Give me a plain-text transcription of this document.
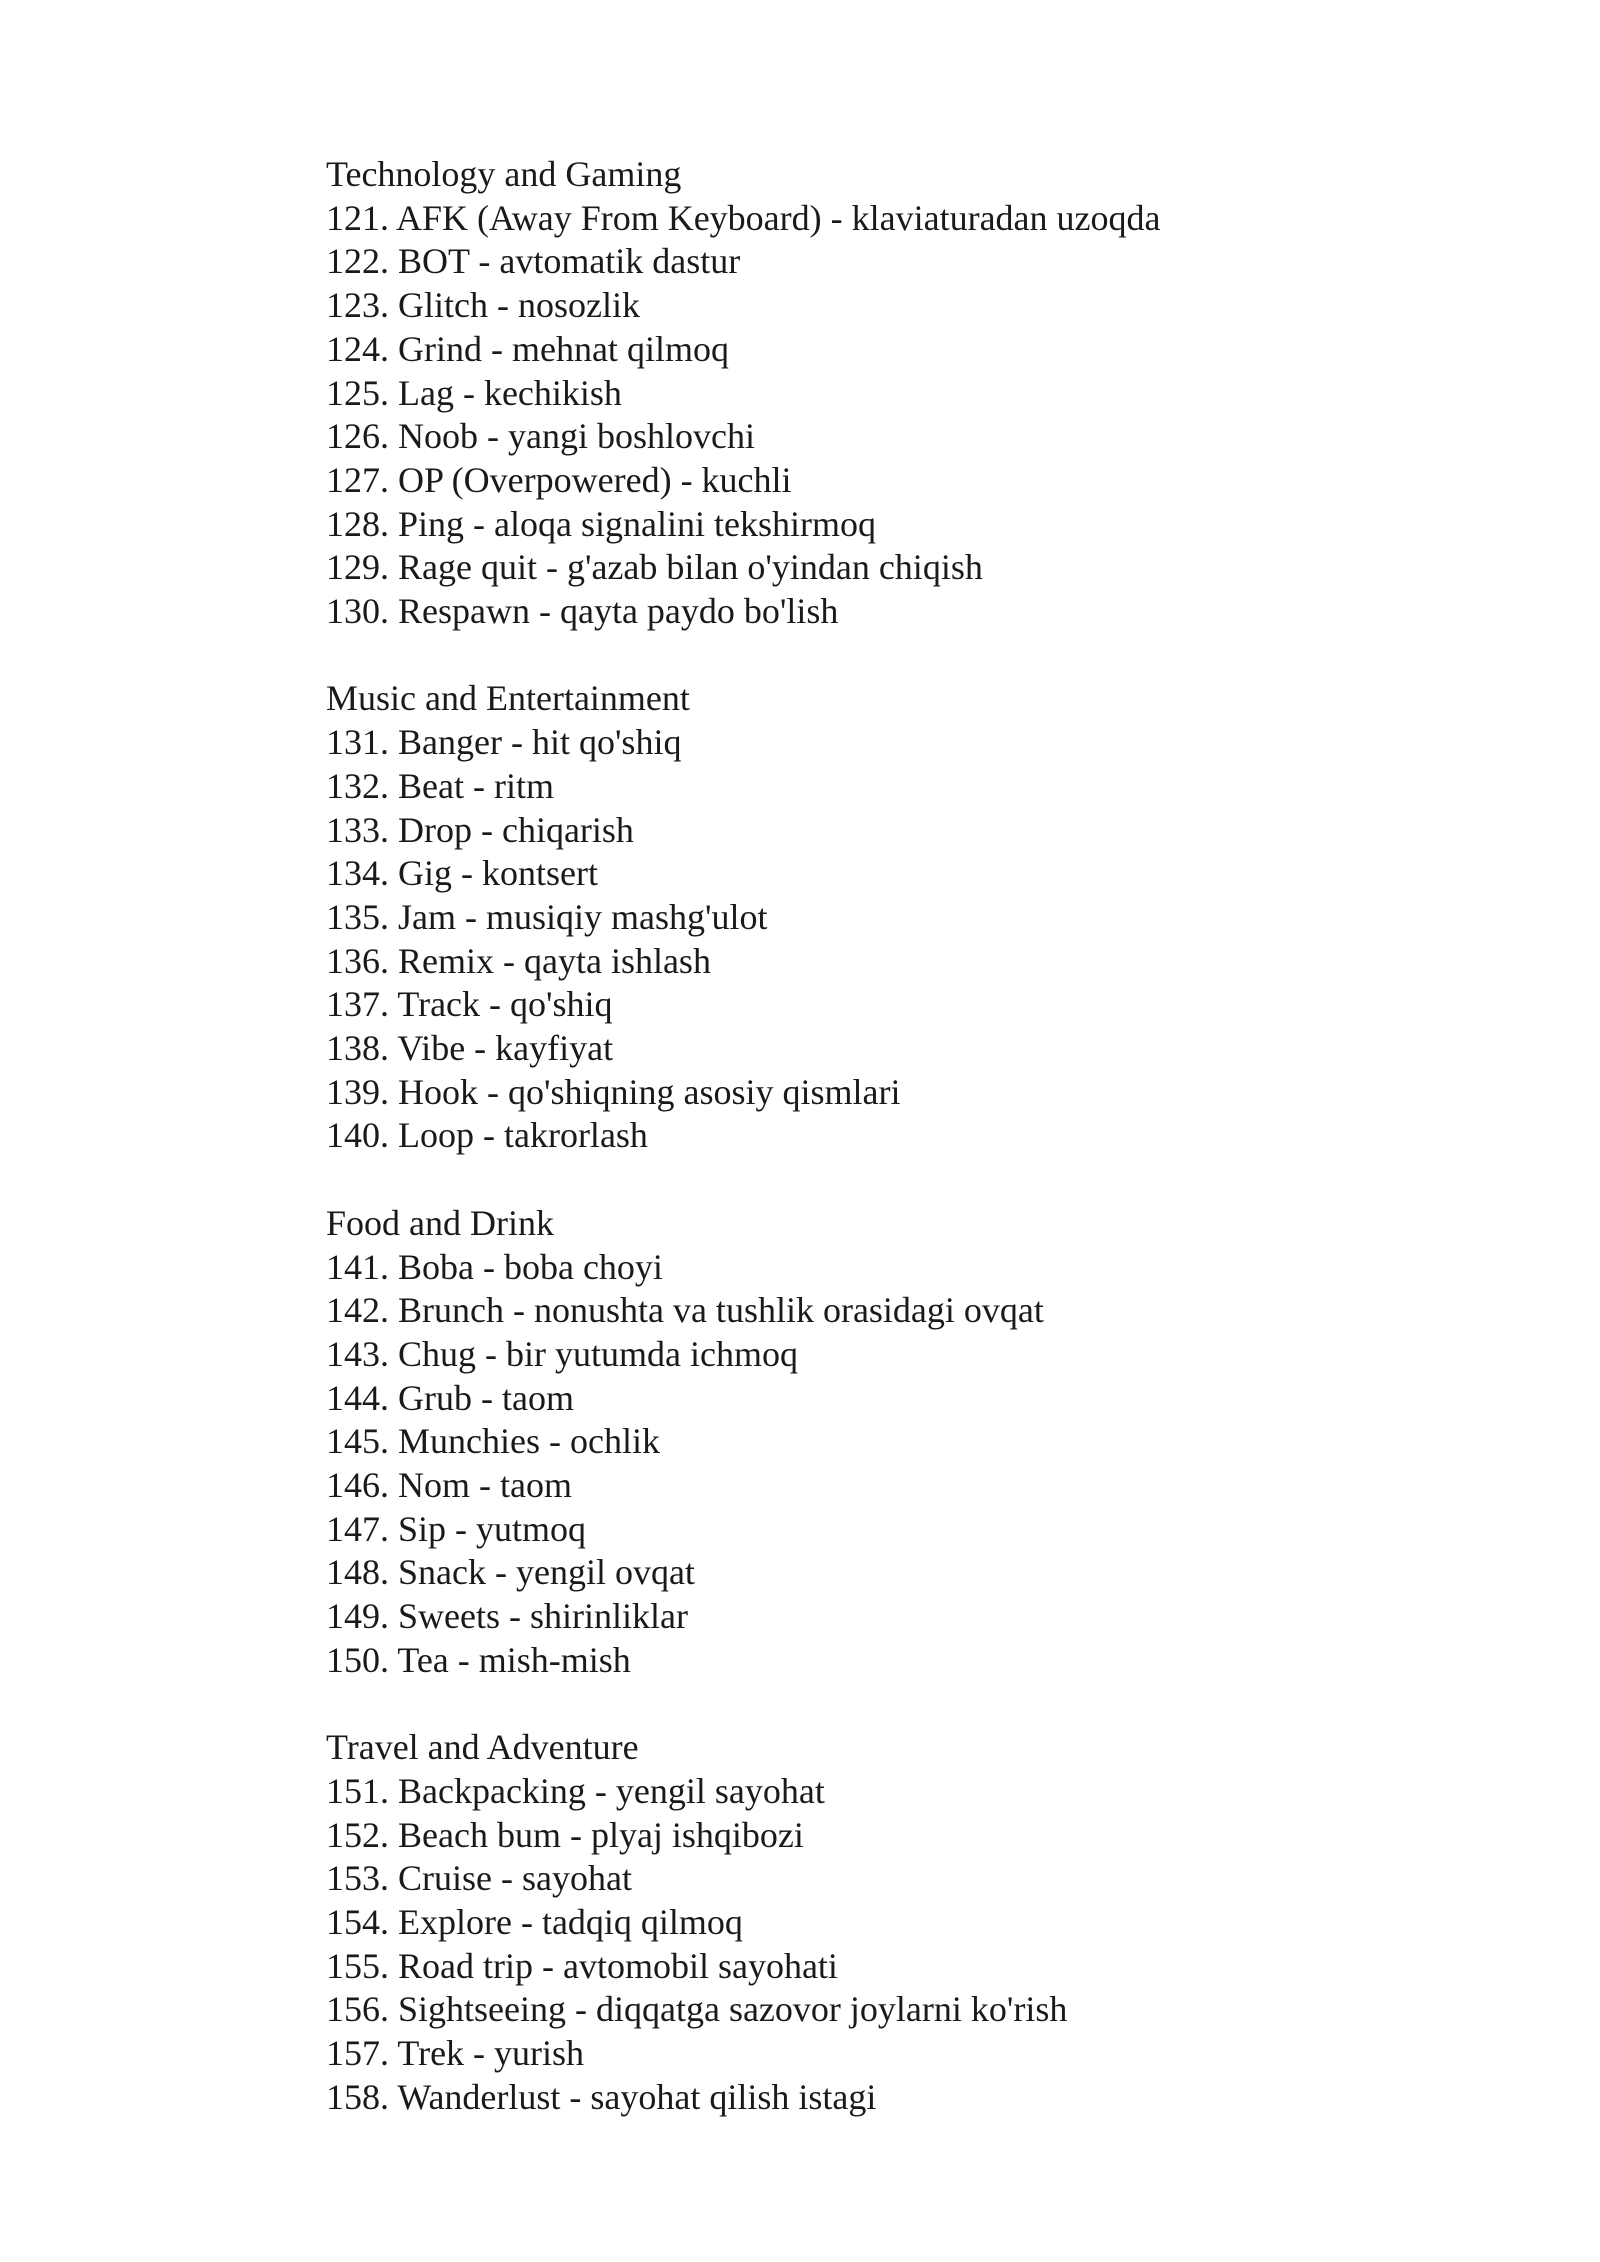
Technology and Gaming
121. AFK (Away From Keyboard) - klaviaturadan uzoqda
122. BOT - avtomatik dastur
123. Glitch - nosozlik
124. Grind - mehnat qilmoq
125. Lag - kechikish
126. Noob - yangi boshlovchi
127. OP (Overpowered) - kuchli
128. Ping - aloqa signalini tekshirmoq
129. Rage quit - g'azab bilan o'yindan chiqish
130. Respawn - qayta paydo bo'lish
Music and Entertainment
131. Banger - hit qo'shiq
132. Beat - ritm
133. Drop - chiqarish
134. Gig - kontsert
135. Jam - musiqiy mashg'ulot
136. Remix - qayta ishlash
137. Track - qo'shiq
138. Vibe - kayfiyat
139. Hook - qo'shiqning asosiy qismlari
140. Loop - takrorlash
Food and Drink
141. Boba - boba choyi
142. Brunch - nonushta va tushlik orasidagi ovqat
143. Chug - bir yutumda ichmoq
144. Grub - taom
145. Munchies - ochlik
146. Nom - taom
147. Sip - yutmoq
148. Snack - yengil ovqat
149. Sweets - shirinliklar
150. Tea - mish-mish
Travel and Adventure
151. Backpacking - yengil sayohat
152. Beach bum - plyaj ishqibozi
153. Cruise - sayohat
154. Explore - tadqiq qilmoq
155. Road trip - avtomobil sayohati
156. Sightseeing - diqqatga sazovor joylarni ko'rish
157. Trek - yurish
158. Wanderlust - sayohat qilish istagi
